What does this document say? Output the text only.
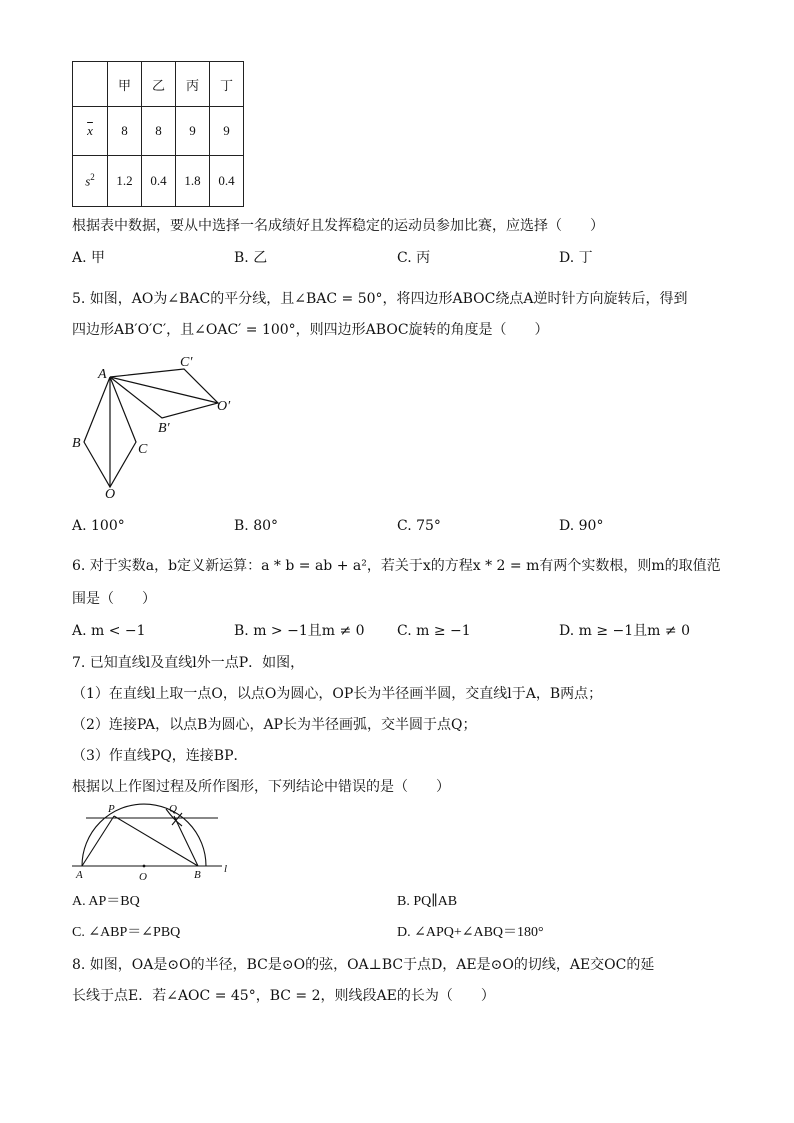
	甲	乙	丙	丁
$\overline{x}$	8	8	9	9
$s^2$	1.2	0.4	1.8	0.4
根据表中数据，要从中选择一名成绩好且发挥稳定的运动员参加比赛，应选择（　　）
A. 甲	B. 乙	C. 丙	D. 丁
5. 如图，AO为∠BAC的平分线，且∠BAC = 50°，将四边形ABOC绕点A逆时针方向旋转后，得到
四边形AB′O′C′，且∠OAC′ = 100°，则四边形ABOC旋转的角度是（　　）
A
B	C
O
B′
C′
O′
A. 100°	B. 80°	C. 75°	D. 90°
6. 对于实数a，b定义新运算：a * b = ab + a²，若关于x的方程x * 2 = m有两个实数根，则m的取值范
围是（　　）
A. m < −1	B. m > −1且m ≠ 0 C. m ≥ −1	D. m ≥ −1且m ≠ 0
7. 已知直线l及直线l外一点P．如图，
（1）在直线l上取一点O，以点O为圆心，OP长为半径画半圆，交直线l于A，B两点；
（2）连接PA，以点B为圆心，AP长为半径画弧，交半圆于点Q；
（3）作直线PQ，连接BP．
根据以上作图过程及所作图形，下列结论中错误的是（　　）
P	Q
A	O	B l
A. AP＝BQ	B. PQ∥AB
C. ∠ABP＝∠PBQ	D. ∠APQ+∠ABQ＝180°
8. 如图，OA是⊙O的半径，BC是⊙O的弦，OA⊥BC于点D，AE是⊙O的切线，AE交OC的延
长线于点E．若∠AOC = 45°，BC = 2，则线段AE的长为（　　）
